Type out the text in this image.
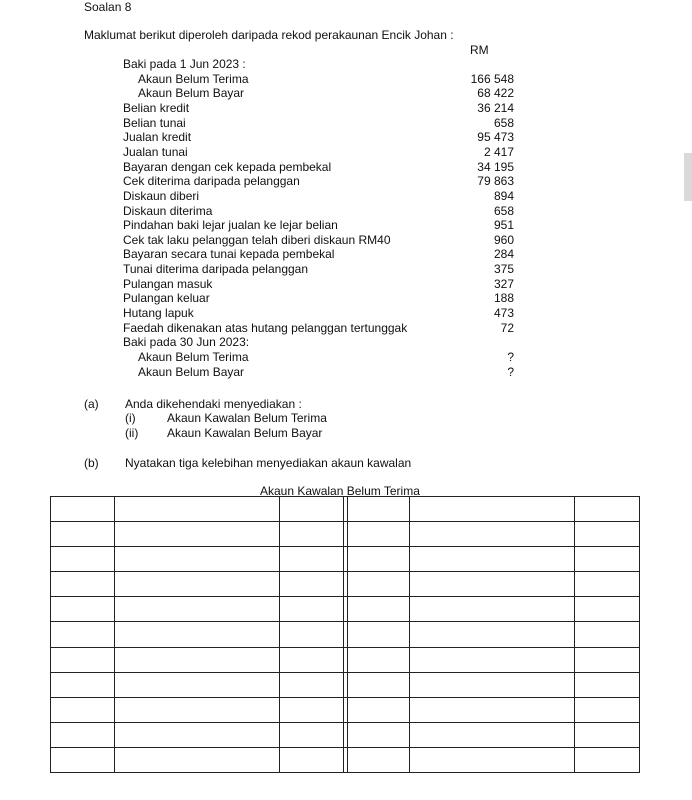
Soalan 8
Maklumat berikut diperoleh daripada rekod perakaunan Encik Johan :
RM
Baki pada 1 Jun 2023 :
Akaun Belum Terima	166 548
Akaun Belum Bayar	68 422
Belian kredit	36 214
Belian tunai	658
Jualan kredit	95 473
Jualan tunai	2 417
Bayaran dengan cek kepada pembekal	34 195
Cek diterima daripada pelanggan	79 863
Diskaun diberi	894
Diskaun diterima	658
Pindahan baki lejar jualan ke lejar belian	951
Cek tak laku pelanggan telah diberi diskaun RM40	960
Bayaran secara tunai kepada pembekal	284
Tunai diterima daripada pelanggan	375
Pulangan masuk	327
Pulangan keluar	188
Hutang lapuk	473
Faedah dikenakan atas hutang pelanggan tertunggak	72
Baki pada 30 Jun 2023:
Akaun Belum Terima	?
Akaun Belum Bayar	?
(a) Anda dikehendaki menyediakan :
(i)	Akaun Kawalan Belum Terima
(ii) Akaun Kawalan Belum Bayar
(b) Nyatakan tiga kelebihan menyediakan akaun kawalan
Akaun Kawalan Belum Terima
